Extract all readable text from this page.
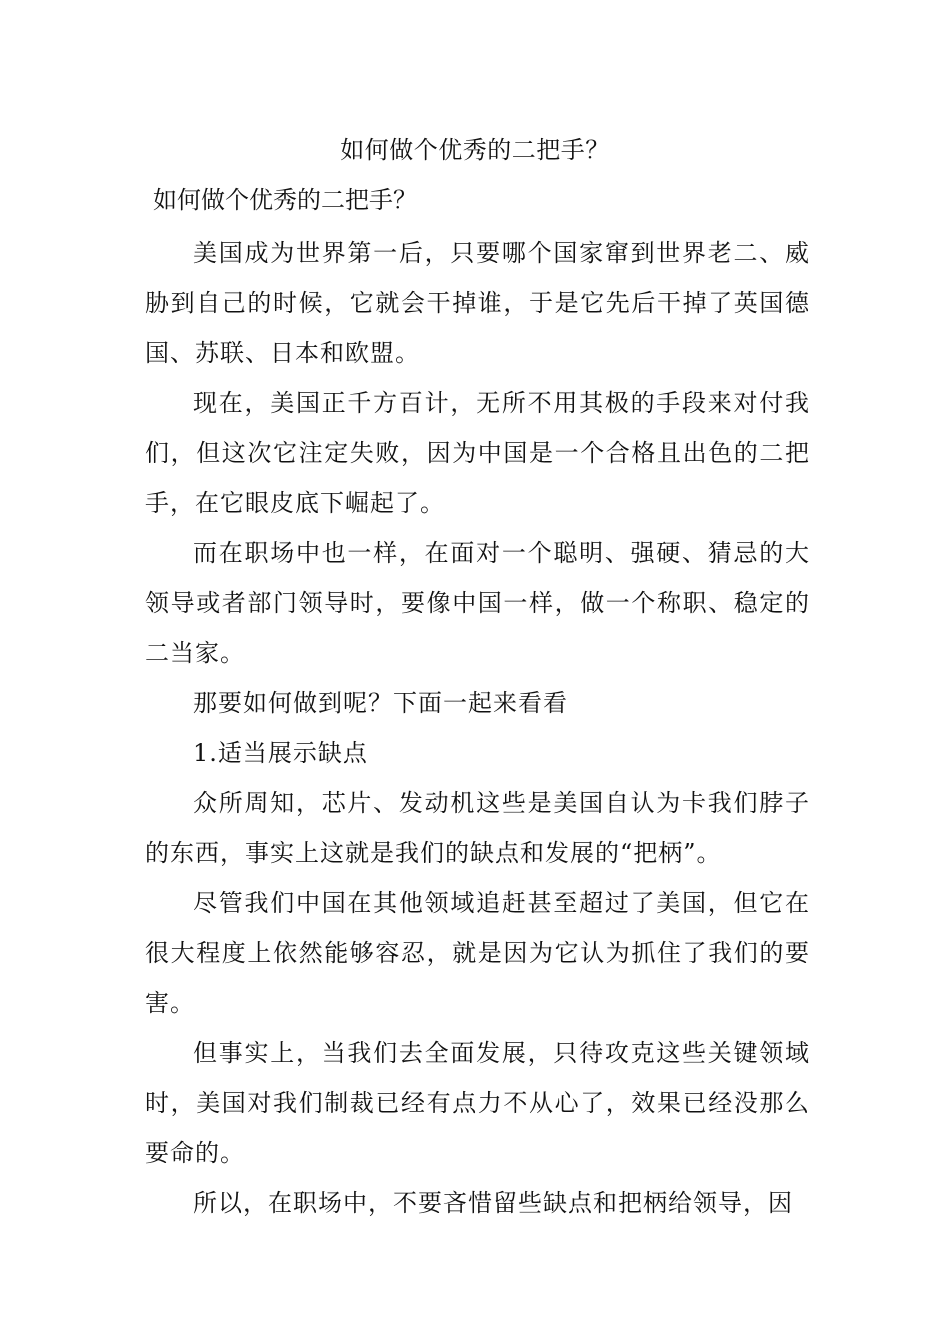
如何做个优秀的二把手？

如何做个优秀的二把手？

美国成为世界第一后，只要哪个国家窜到世界老二、威胁到自己的时候，它就会干掉谁，于是它先后干掉了英国德国、苏联、日本和欧盟。

现在，美国正千方百计，无所不用其极的手段来对付我们，但这次它注定失败，因为中国是一个合格且出色的二把手，在它眼皮底下崛起了。

而在职场中也一样，在面对一个聪明、强硬、猜忌的大领导或者部门领导时，要像中国一样，做一个称职、稳定的二当家。

那要如何做到呢？下面一起来看看

1.适当展示缺点

众所周知，芯片、发动机这些是美国自认为卡我们脖子的东西，事实上这就是我们的缺点和发展的“把柄”。

尽管我们中国在其他领域追赶甚至超过了美国，但它在很大程度上依然能够容忍，就是因为它认为抓住了我们的要害。

但事实上，当我们去全面发展，只待攻克这些关键领域时，美国对我们制裁已经有点力不从心了，效果已经没那么要命的。

所以，在职场中，不要吝惜留些缺点和把柄给领导，因
